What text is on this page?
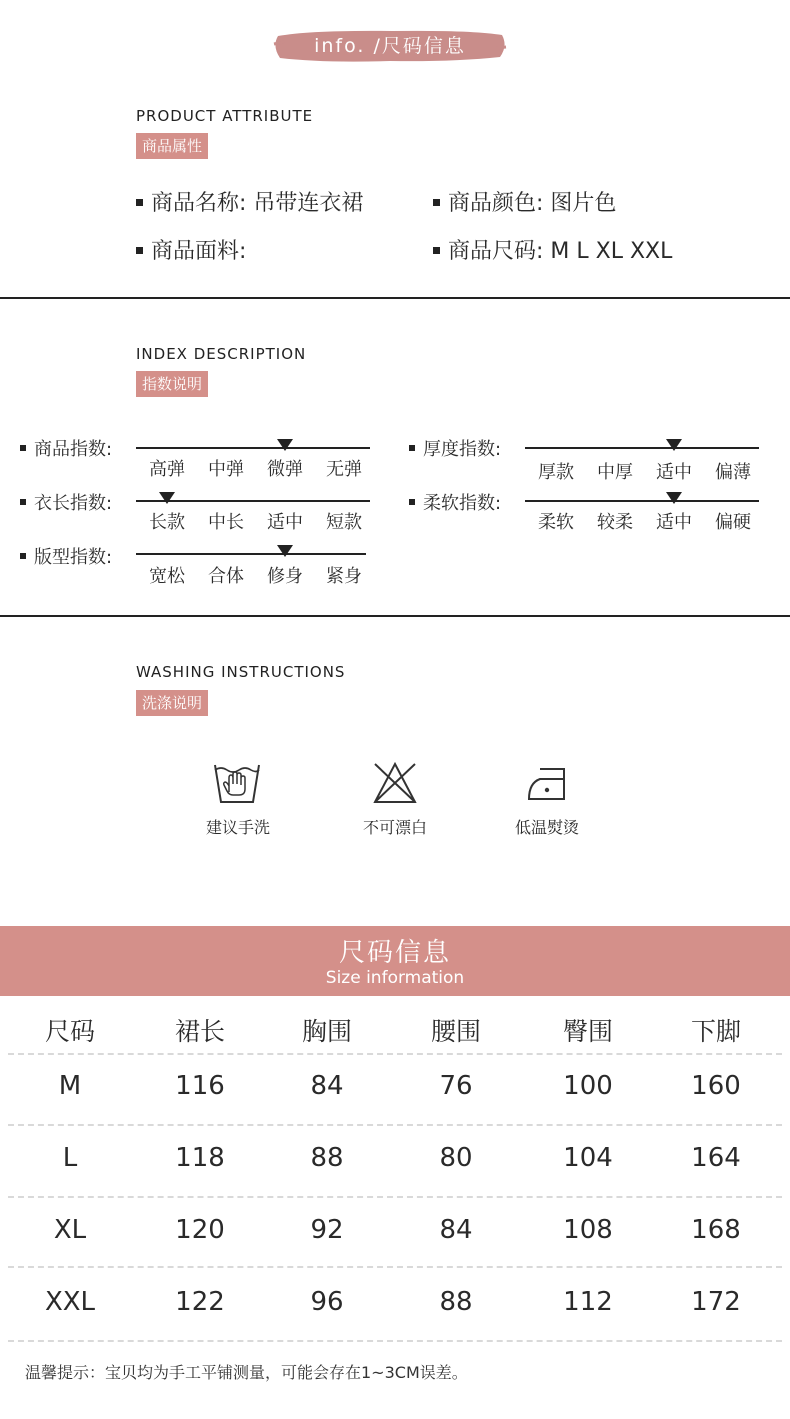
info. /尺码信息
PRODUCT ATTRIBUTE
商品属性
商品名称: 吊带连衣裙	商品颜色: 图片色
商品面料:	商品尺码: M L XL XXL
INDEX DESCRIPTION
指数说明
商品指数:
高弹	中弹	微弹	无弹
衣长指数:
长款	中长	适中	短款
版型指数:
宽松	合体	修身	紧身
厚度指数:
厚款	中厚	适中	偏薄
柔软指数:
柔软	较柔	适中	偏硬
WASHING INSTRUCTIONS
洗涤说明
建议手洗	不可漂白	低温熨烫
尺码信息
Size information
尺码	裙长	胸围	腰围	臀围	下脚
M	116	84	76	100	160
L	118	88	80	104	164
XL	120	92	84	108	168
XXL	122	96	88	112	172
温馨提示：宝贝均为手工平铺测量，可能会存在1~3CM误差。
